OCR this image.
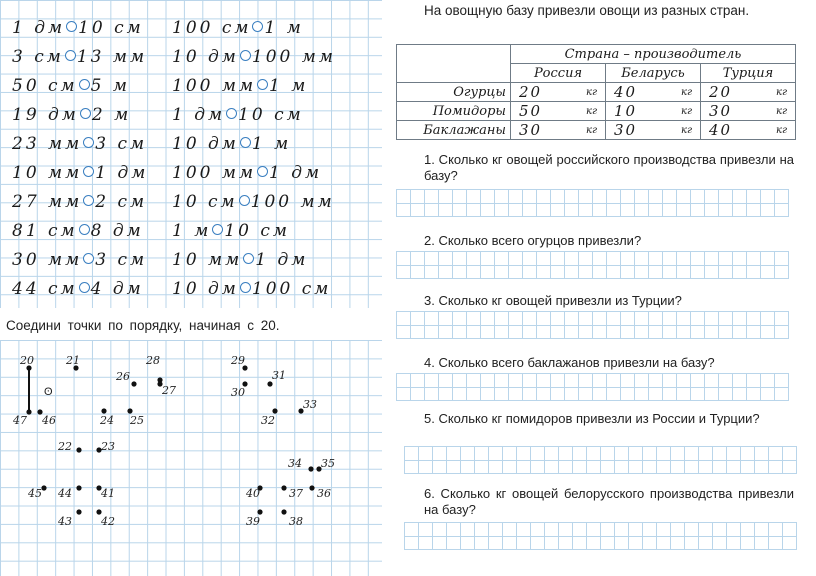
1 дм 10 см
3 см 13 мм
50 см 5 м
19 дм 2 м
23 мм 3 см
10 мм 1 дм
27 мм 2 см
81 см 8 дм
30 мм 3 см
44 см 4 дм
100 см 1 м
10 дм 100 мм
100 мм 1 м
1 дм 10 см
10 дм 1 м
100 мм 1 дм
10 см 100 мм
1 м 10 см
10 мм 1 дм
10 дм 100 см
Соедини точки по порядку, начиная с 20.
ʘ
20	21
26
28
27
24 25
22	23
45 44	41
43	42
47 46
29
31
30
32
33
34 35
40	37 36
39	38
На овощную базу привезли овощи из разных стран.
	Страна – производитель		
	Россия	Беларусь	Турция
Огурцы	20 кг	40 кг	20 кг

Помидоры	50 кг	10 кг	30 кг

Баклажаны	30 кг	30 кг	40 кг
1. Сколько кг овощей российского производства привезли на базу?
2. Сколько всего огурцов привезли?
3. Сколько кг овощей привезли из Турции?
4. Сколько всего баклажанов привезли на базу?
5. Сколько кг помидоров привезли из России и Турции?
6. Сколько кг овощей белорусского производства привезли на базу?
